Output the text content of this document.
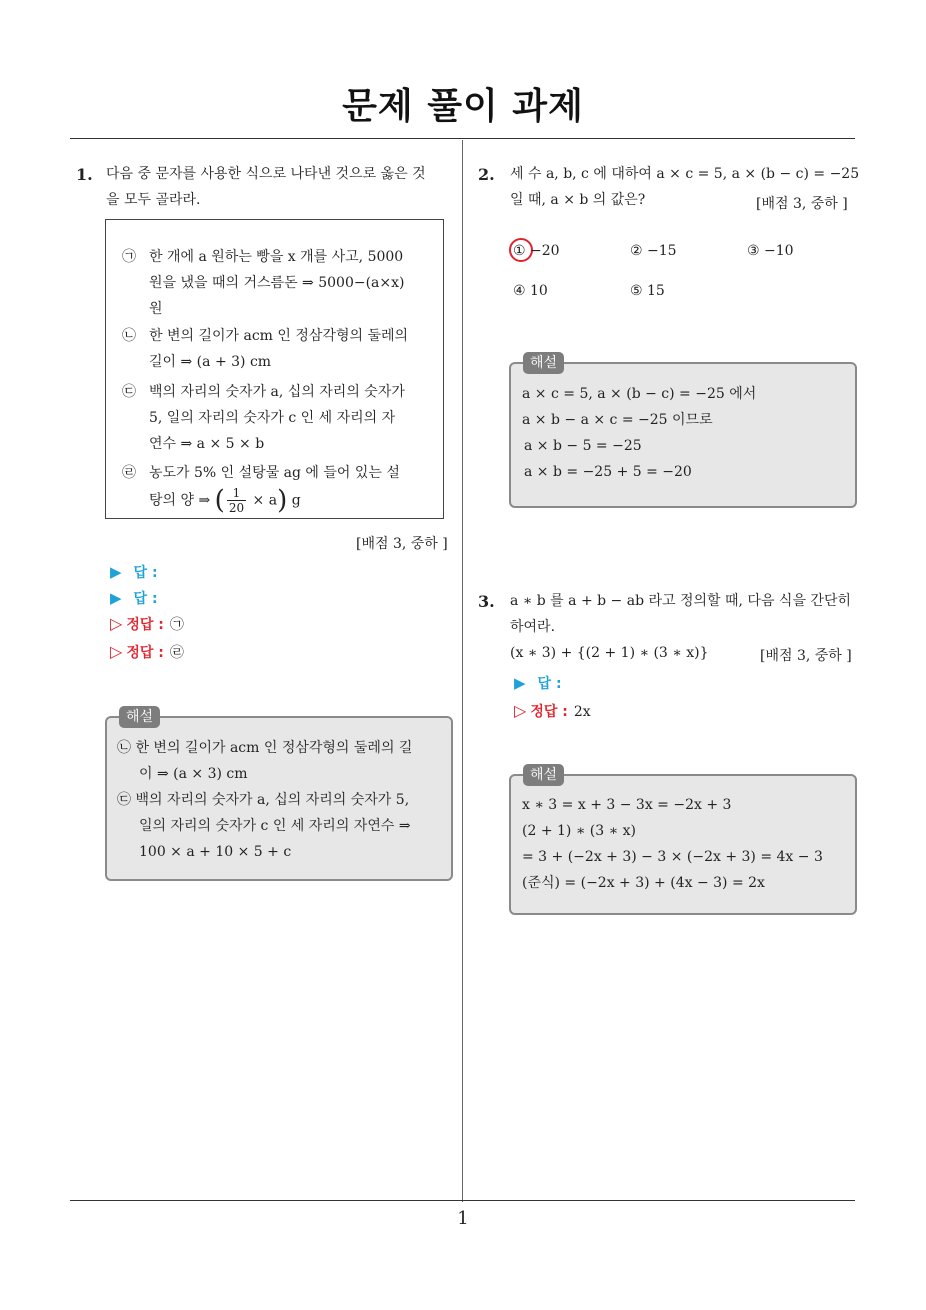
문제 풀이 과제
1. 다음 중 문자를 사용한 식으로 나타낸 것으로 옳은 것
을 모두 골라라.
㉠ 한 개에 a 원하는 빵을 x 개를 사고, 5000
원을 냈을 때의 거스름돈 ⇒ 5000−(a×x)
원
㉡ 한 변의 길이가 acm 인 정삼각형의 둘레의
길이 ⇒ (a + 3) cm
㉢ 백의 자리의 숫자가 a, 십의 자리의 숫자가
5, 일의 자리의 숫자가 c 인 세 자리의 자
연수 ⇒ a × 5 × b
㉣ 농도가 5% 인 설탕물 ag 에 들어 있는 설
탕의 양 ⇒ ( $\frac{1}{20} \times a$) g
[배점 3, 중하 ]
▶ 답 :
▶ 답 :
▷ 정답 : ㉠
▷ 정답 : ㉣
해설
㉡ 한 변의 길이가 acm 인 정삼각형의 둘레의 길
이 ⇒ (a × 3) cm
㉢ 백의 자리의 숫자가 a, 십의 자리의 숫자가 5,
일의 자리의 숫자가 c 인 세 자리의 자연수 ⇒
100 × a + 10 × 5 + c
2. 세 수 a, b, c 에 대하여 a × c = 5, a × (b − c) = −25
일 때, a × b 의 값은?	[배점 3, 중하 ]
① −20	② −15	③ −10
④ 10	⑤ 15
해설
a × c = 5, a × (b − c) = −25 에서
a × b − a × c = −25 이므로
a × b − 5 = −25
a × b = −25 + 5 = −20
3. a ∗ b 를 a + b − ab 라고 정의할 때, 다음 식을 간단히
하여라.
(x ∗ 3) + {(2 + 1) ∗ (3 ∗ x)}	[배점 3, 중하 ]
▶ 답 :
▷ 정답 : 2x
해설
x ∗ 3 = x + 3 − 3x = −2x + 3
(2 + 1) ∗ (3 ∗ x)
= 3 + (−2x + 3) − 3 × (−2x + 3) = 4x − 3
(준식) = (−2x + 3) + (4x − 3) = 2x
1
